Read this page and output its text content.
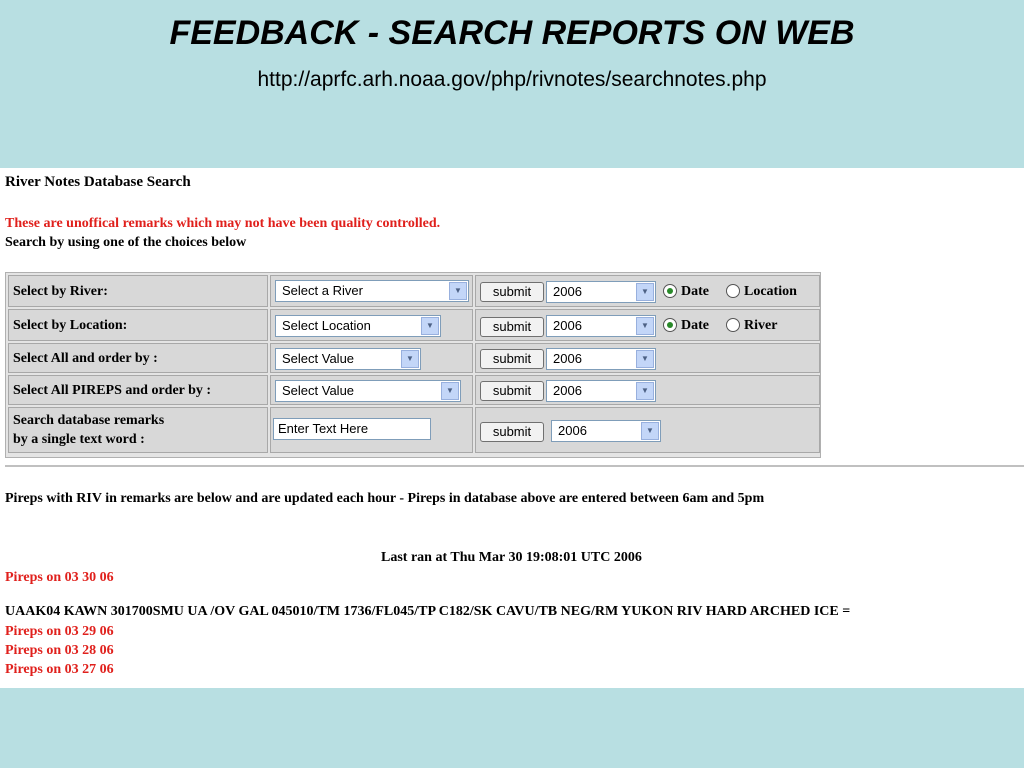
FEEDBACK - SEARCH REPORTS ON WEB
http://aprfc.arh.noaa.gov/php/rivnotes/searchnotes.php
River Notes Database Search
These are unoffical remarks which may not have been quality controlled.
Search by using one of the choices below
Select by River:	Select a River	▼	submit	2006	▼	Date	Location
Select by Location:	Select Location	▼	submit	2006	▼	Date	River
Select All and order by :	Select Value	▼	submit	2006	▼
Select All PIREPS and order by :	Select Value	▼	submit	2006	▼
Search database remarks
by a single text word :
Enter Text Here	submit	2006	▼
Pireps with RIV in remarks are below and are updated each hour - Pireps in database above are entered between 6am and 5pm
Last ran at Thu Mar 30 19:08:01 UTC 2006
Pireps on 03 30 06
UAAK04 KAWN 301700SMU UA /OV GAL 045010/TM 1736/FL045/TP C182/SK CAVU/TB NEG/RM YUKON RIV HARD ARCHED ICE =
Pireps on 03 29 06
Pireps on 03 28 06
Pireps on 03 27 06
